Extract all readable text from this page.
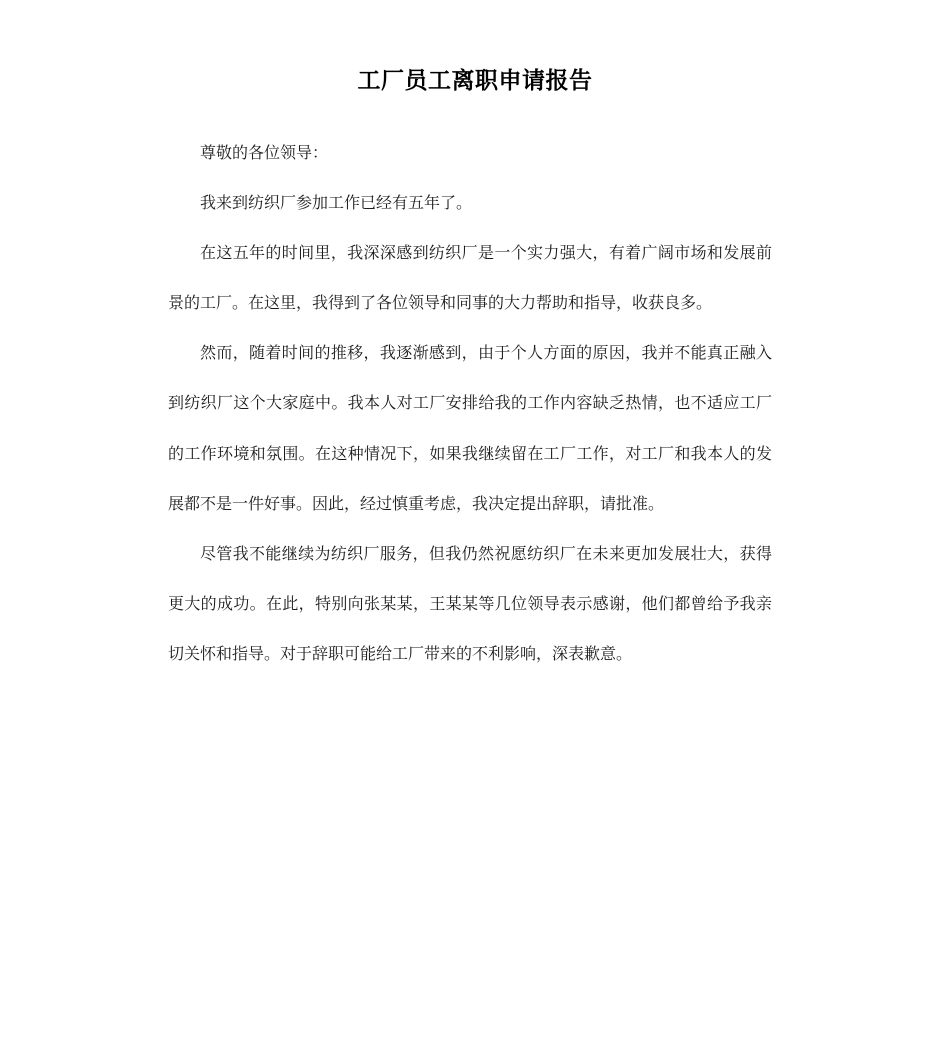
工厂员工离职申请报告

尊敬的各位领导：

我来到纺织厂参加工作已经有五年了。

在这五年的时间里，我深深感到纺织厂是一个实力强大，有着广阔市场和发展前景的工厂。在这里，我得到了各位领导和同事的大力帮助和指导，收获良多。

然而，随着时间的推移，我逐渐感到，由于个人方面的原因，我并不能真正融入到纺织厂这个大家庭中。我本人对工厂安排给我的工作内容缺乏热情，也不适应工厂的工作环境和氛围。在这种情况下，如果我继续留在工厂工作，对工厂和我本人的发展都不是一件好事。因此，经过慎重考虑，我决定提出辞职，请批准。

尽管我不能继续为纺织厂服务，但我仍然祝愿纺织厂在未来更加发展壮大，获得更大的成功。在此，特别向张某某，王某某等几位领导表示感谢，他们都曾给予我亲切关怀和指导。对于辞职可能给工厂带来的不利影响，深表歉意。
